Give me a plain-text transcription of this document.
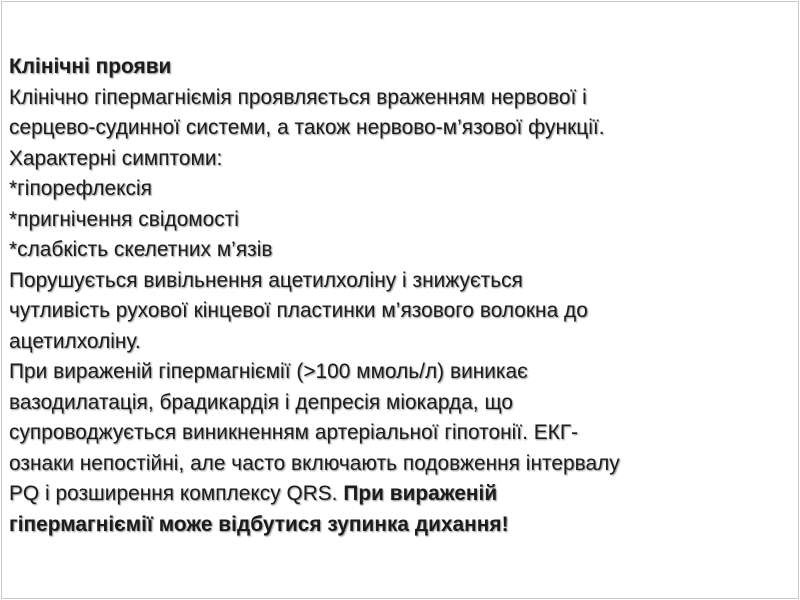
Клінічні прояви
Клінічно гіпермагніємія проявляється враженням нервової і
серцево-судинної системи, а також нервово-м’язової функції.
Характерні симптоми:
*гіпорефлексія
*пригнічення свідомості
*слабкість скелетних м’язів
Порушується вивільнення ацетилхоліну і знижується
чутливість рухової кінцевої пластинки м’язового волокна до
ацетилхоліну.
При вираженій гіпермагніємії (>100 ммоль/л) виникає
вазодилатація, брадикардія і депресія міокарда, що
супроводжується виникненням артеріальної гіпотонії. ЕКГ-
ознаки непостійні, але часто включають подовження інтервалу
PQ і розширення комплексу QRS. При вираженій
гіпермагніємії може відбутися зупинка дихання!
